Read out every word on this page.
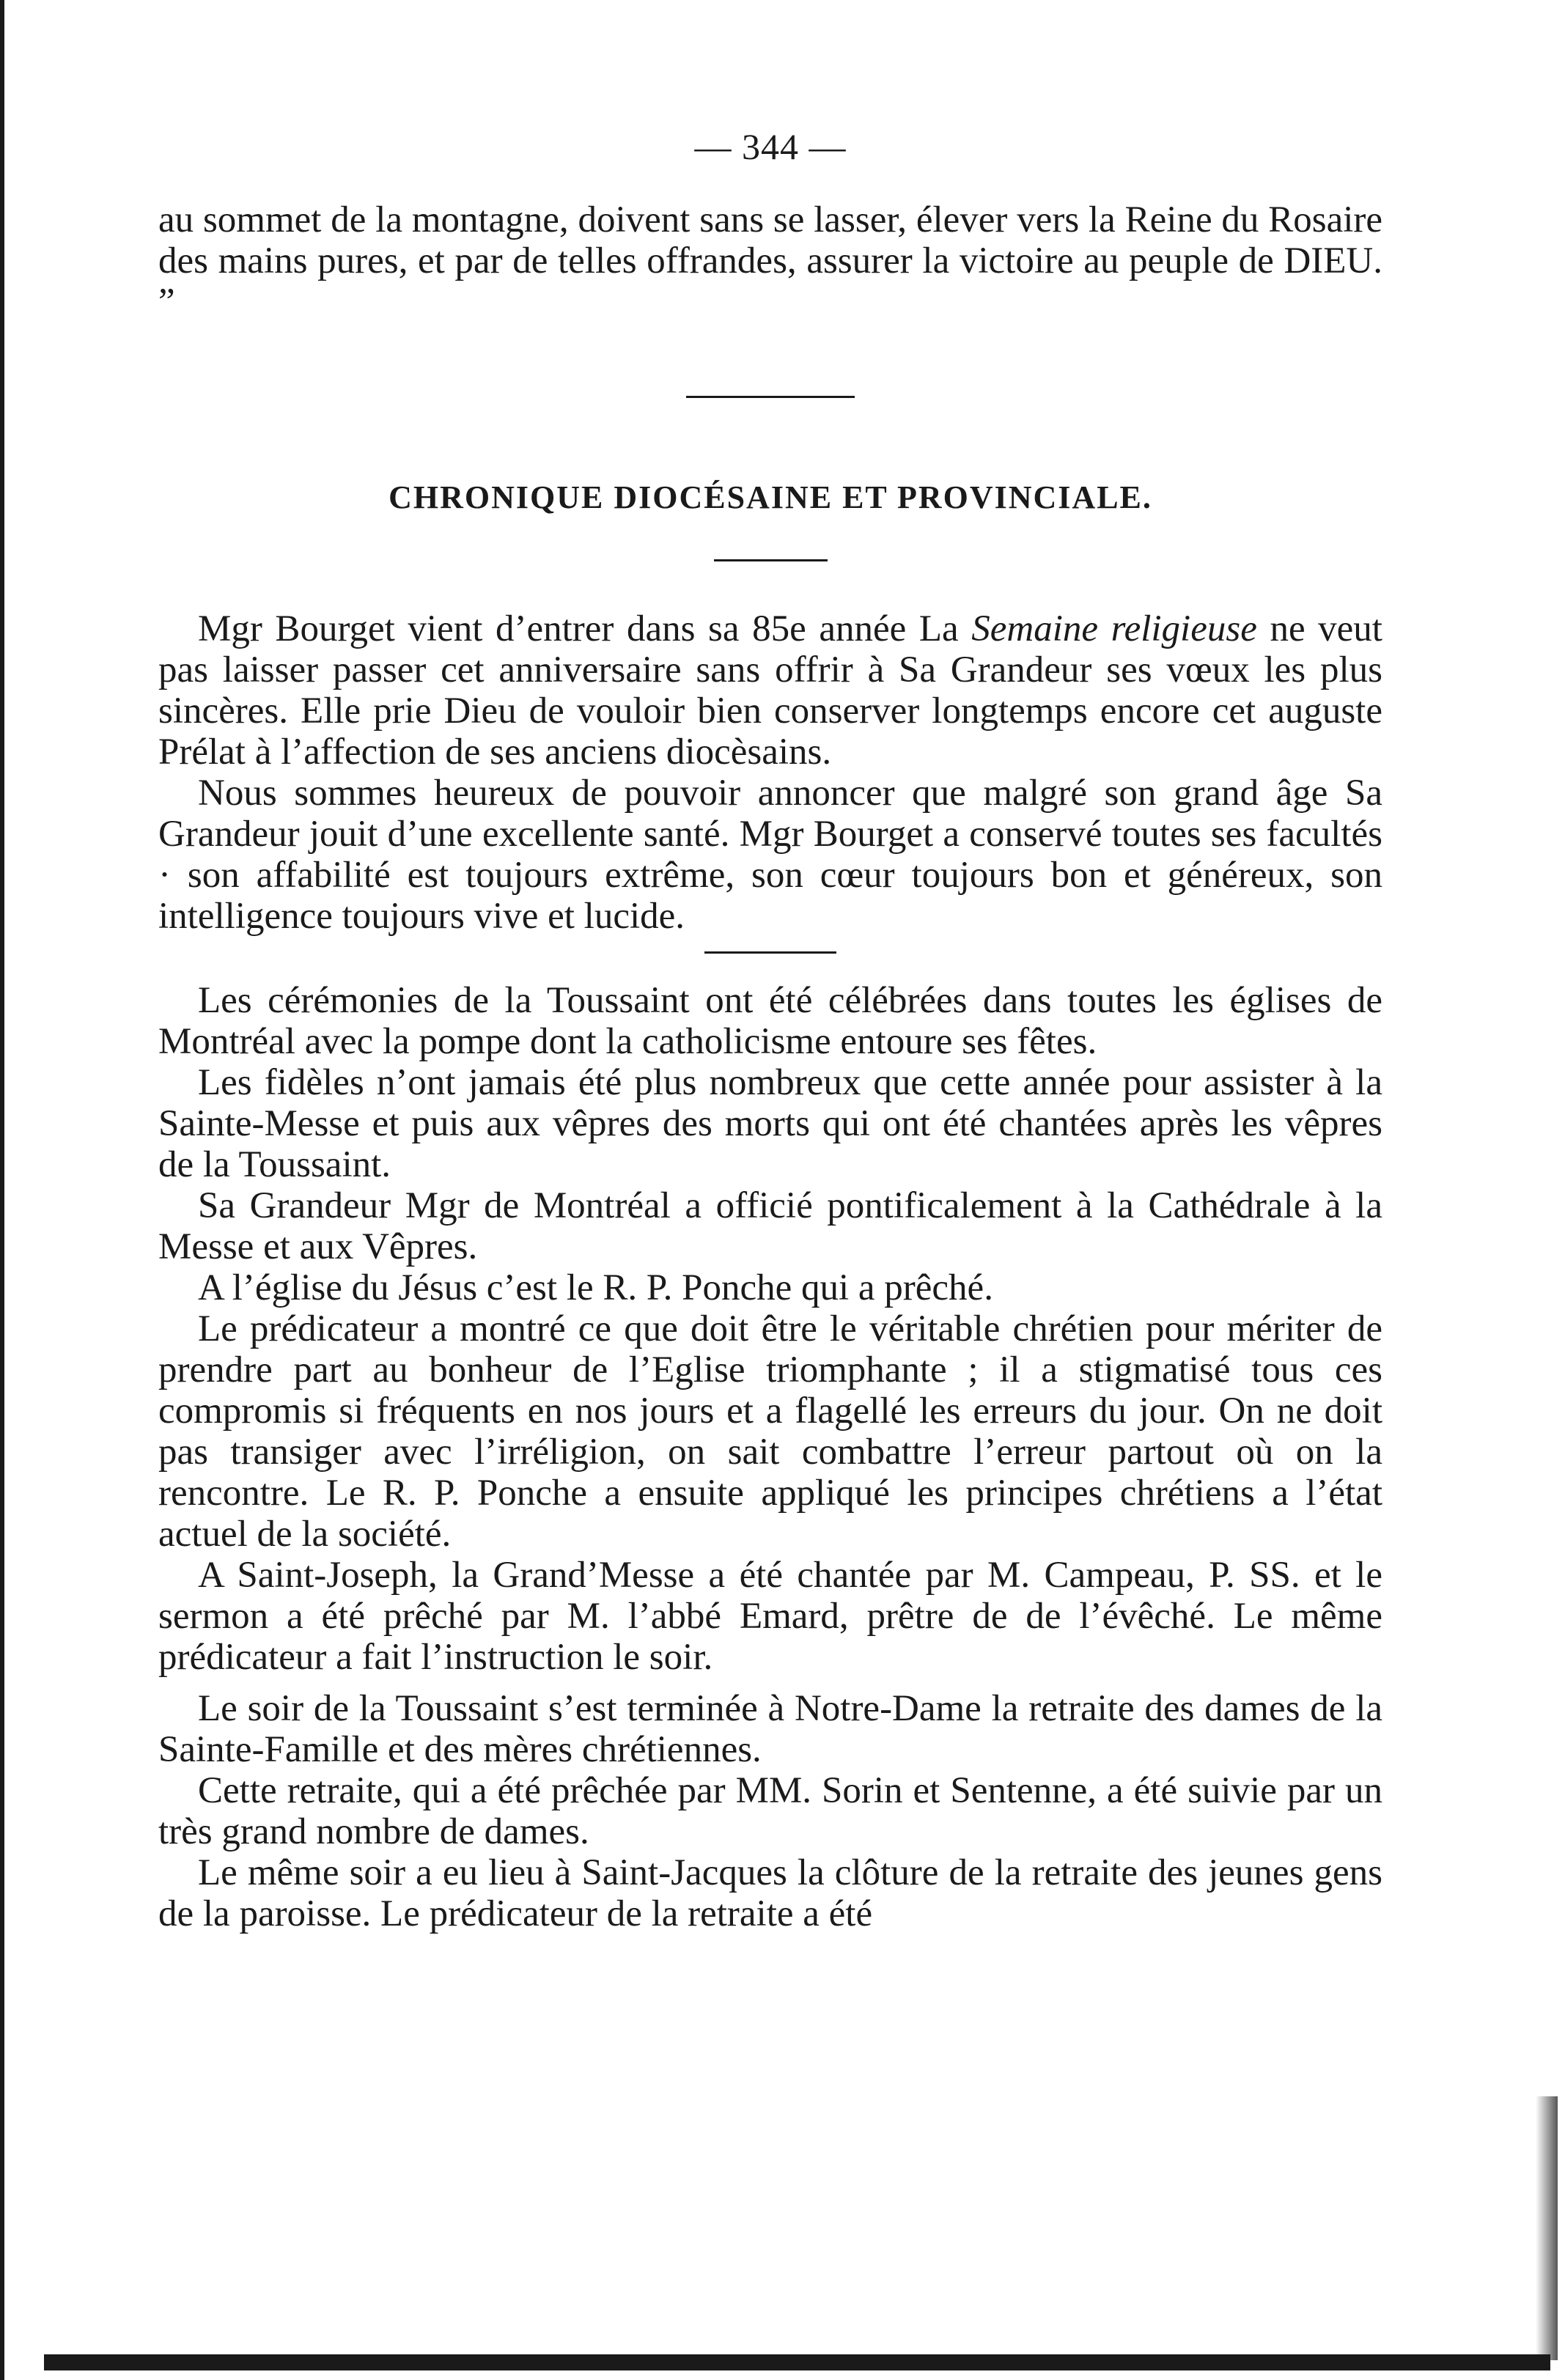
— 344 —

au sommet de la montagne, doivent sans se lasser, élever vers la Reine du Rosaire des mains pures, et par de telles offrandes, assurer la victoire au peuple de DIEU. ”

CHRONIQUE DIOCÉSAINE ET PROVINCIALE.

Mgr Bourget vient d’entrer dans sa 85e année La Semaine religieuse ne veut pas laisser passer cet anniversaire sans offrir à Sa Grandeur ses vœux les plus sincères. Elle prie Dieu de vouloir bien conserver longtemps encore cet auguste Prélat à l’affection de ses anciens diocèsains.

Nous sommes heureux de pouvoir annoncer que malgré son grand âge Sa Grandeur jouit d’une excellente santé. Mgr Bourget a conservé toutes ses facultés · son affabilité est toujours extrême, son cœur toujours bon et généreux, son intelligence toujours vive et lucide.

Les cérémonies de la Toussaint ont été célébrées dans toutes les églises de Montréal avec la pompe dont la catholicisme entoure ses fêtes.

Les fidèles n’ont jamais été plus nombreux que cette année pour assister à la Sainte-Messe et puis aux vêpres des morts qui ont été chantées après les vêpres de la Toussaint.

Sa Grandeur Mgr de Montréal a officié pontificalement à la Cathédrale à la Messe et aux Vêpres.

A l’église du Jésus c’est le R. P. Ponche qui a prêché.

Le prédicateur a montré ce que doit être le véritable chrétien pour mériter de prendre part au bonheur de l’Eglise triomphante ; il a stigmatisé tous ces compromis si fréquents en nos jours et a flagellé les erreurs du jour. On ne doit pas transiger avec l’irréligion, on sait combattre l’erreur partout où on la rencontre. Le R. P. Ponche a ensuite appliqué les principes chrétiens a l’état actuel de la société.

A Saint-Joseph, la Grand’Messe a été chantée par M. Campeau, P. SS. et le sermon a été prêché par M. l’abbé Emard, prêtre de de l’évêché. Le même prédicateur a fait l’instruction le soir.

Le soir de la Toussaint s’est terminée à Notre-Dame la retraite des dames de la Sainte-Famille et des mères chrétiennes.

Cette retraite, qui a été prêchée par MM. Sorin et Sentenne, a été suivie par un très grand nombre de dames.

Le même soir a eu lieu à Saint-Jacques la clôture de la retraite des jeunes gens de la paroisse. Le prédicateur de la retraite a été
